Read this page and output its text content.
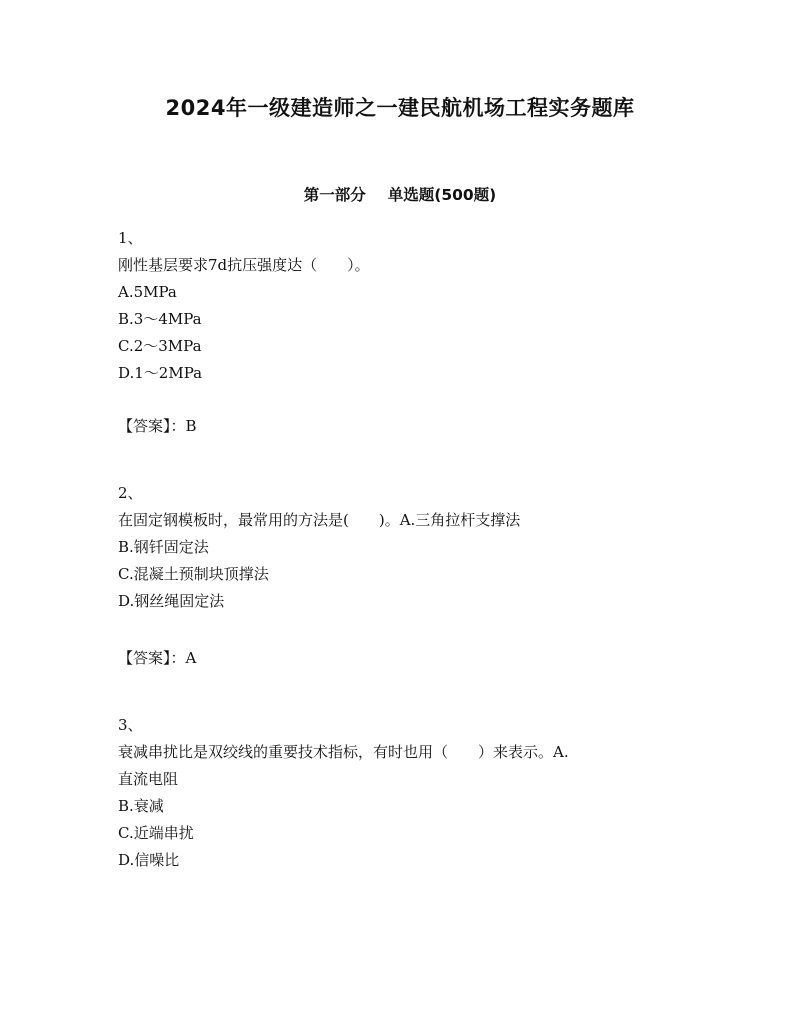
2024年一级建造师之一建民航机场工程实务题库
第一部分 单选题(500题)
1、
刚性基层要求7d抗压强度达（　　）。
A.5MPa
B.3～4MPa
C.2～3MPa
D.1～2MPa
【答案】：B
2、
在固定钢模板时，最常用的方法是(　　)。A.三角拉杆支撑法
B.钢钎固定法
C.混凝土预制块顶撑法
D.钢丝绳固定法
【答案】：A
3、
衰减串扰比是双绞线的重要技术指标，有时也用（　　）来表示。A.
直流电阻
B.衰减
C.近端串扰
D.信噪比
